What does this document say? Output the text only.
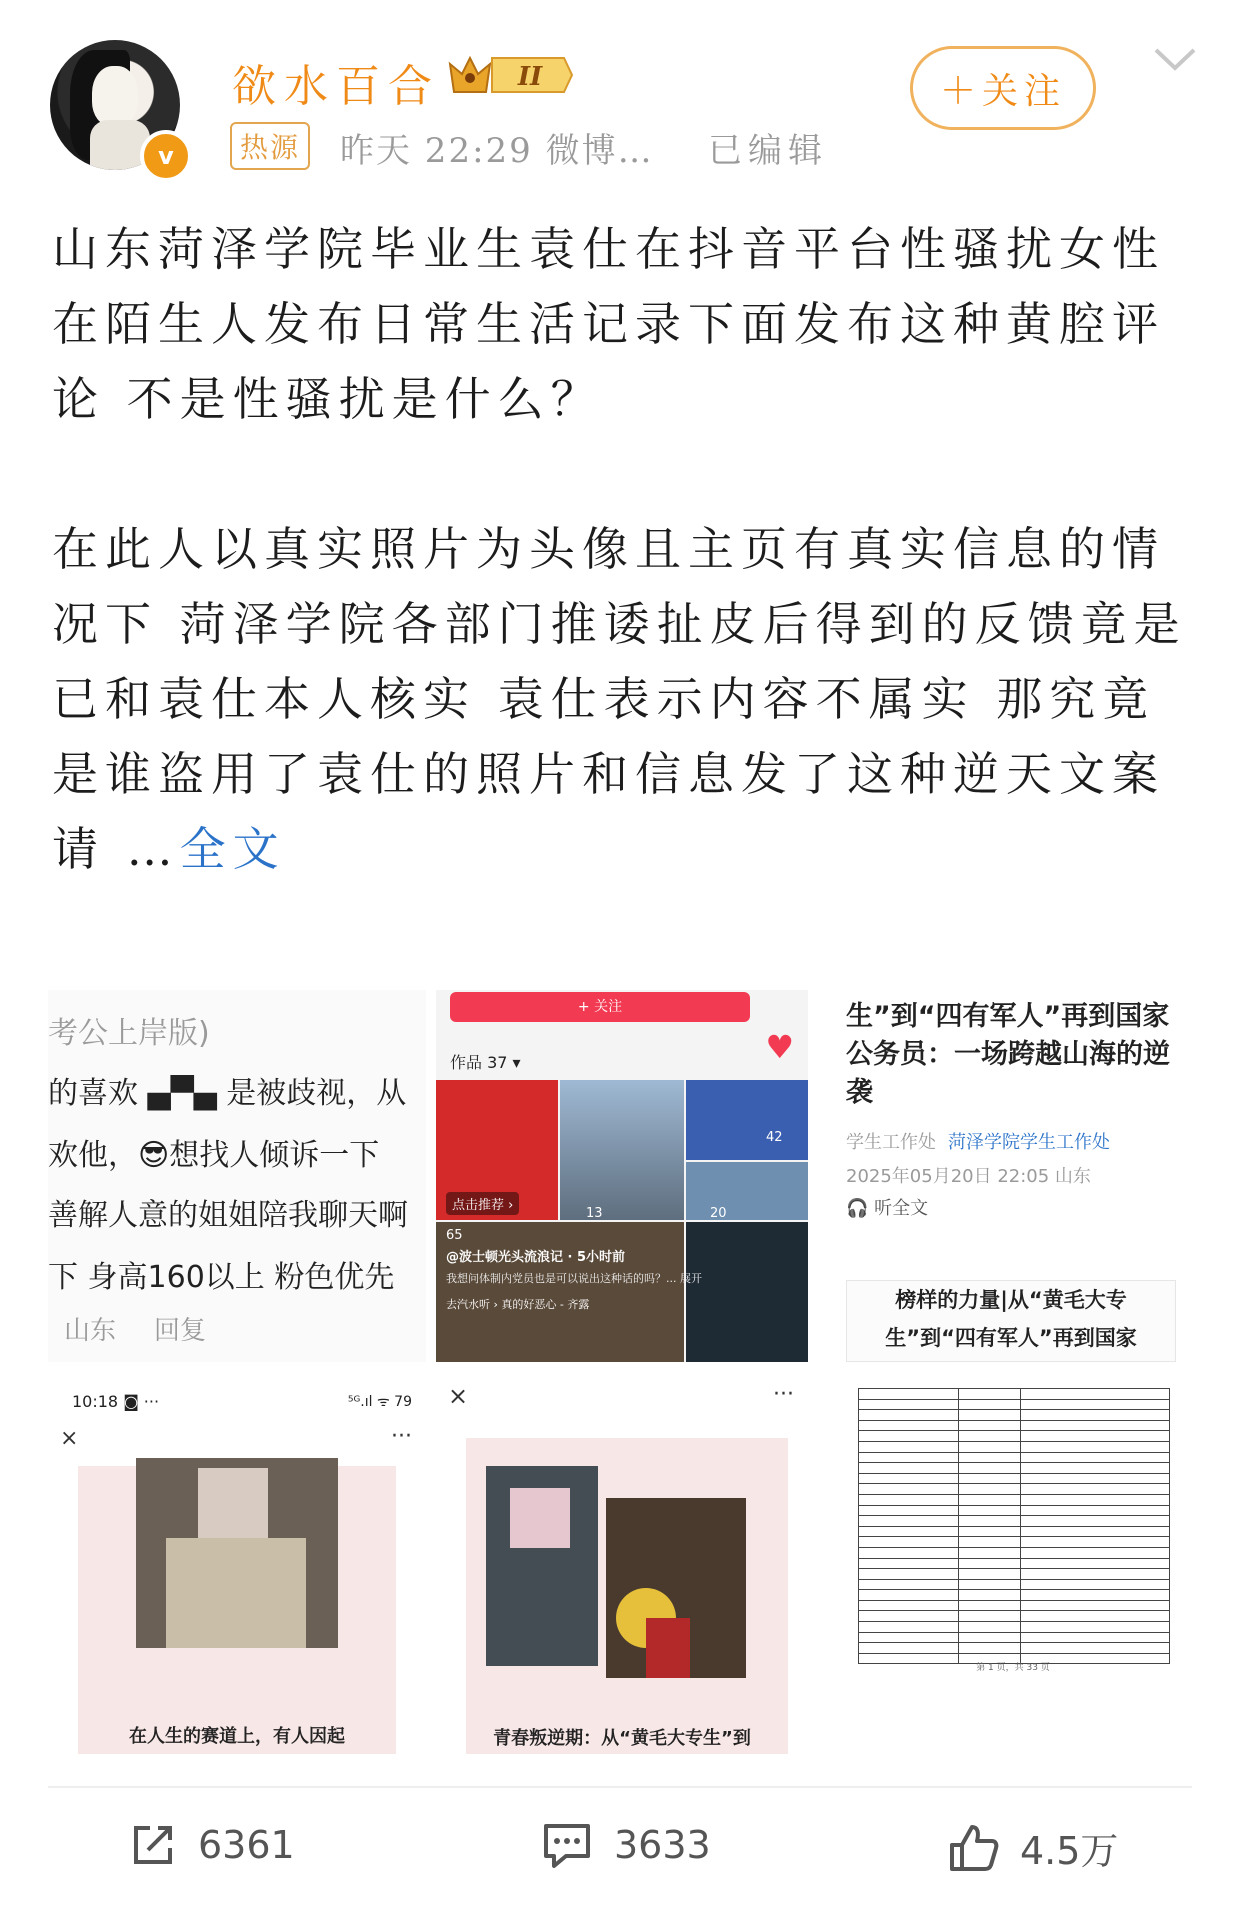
v
欲水百合	II
热源 昨天 22:29 微博… 已编辑
＋关注

山东菏泽学院毕业生袁仕在抖音平台性骚扰女性

在陌生人发布日常生活记录下面发布这种黄腔评论 不是性骚扰是什么？

在此人以真实照片为头像且主页有真实信息的情况下 菏泽学院各部门推诿扯皮后得到的反馈竟是已和袁仕本人核实 袁仕表示内容不属实 那究竟是谁盗用了袁仕的照片和信息发了这种逆天文案请 …全文

考公上岸版)
的喜欢 ▄▀▄ 是被歧视，从
欢他，😎想找人倾诉一下
善解人意的姐姐陪我聊天啊
下 身高160以上 粉色优先
山东 回复
+ 关注
♥
作品 37 ▾
点击推荐 ›
13	20
42
65
@波士顿光头流浪记 · 5小时前
我想问体制内党员也是可以说出这种话的吗？... 展开
去汽水听 › 真的好恶心 - 齐露
生”到“四有军人”再到国家公务员：一场跨越山海的逆袭
学生工作处 菏泽学院学生工作处
2025年05月20日 22:05 山东
🎧 听全文
榜样的力量|从“黄毛大专
生”到“四有军人”再到国家
10:18 ◙ ···	⁵ᴳ.ıl ᯤ 79
×	···
在人生的赛道上，有人因起
×	···
青春叛逆期：从“黄毛大专生”到

第 1 页，共 33 页
6361	3633	4.5万
